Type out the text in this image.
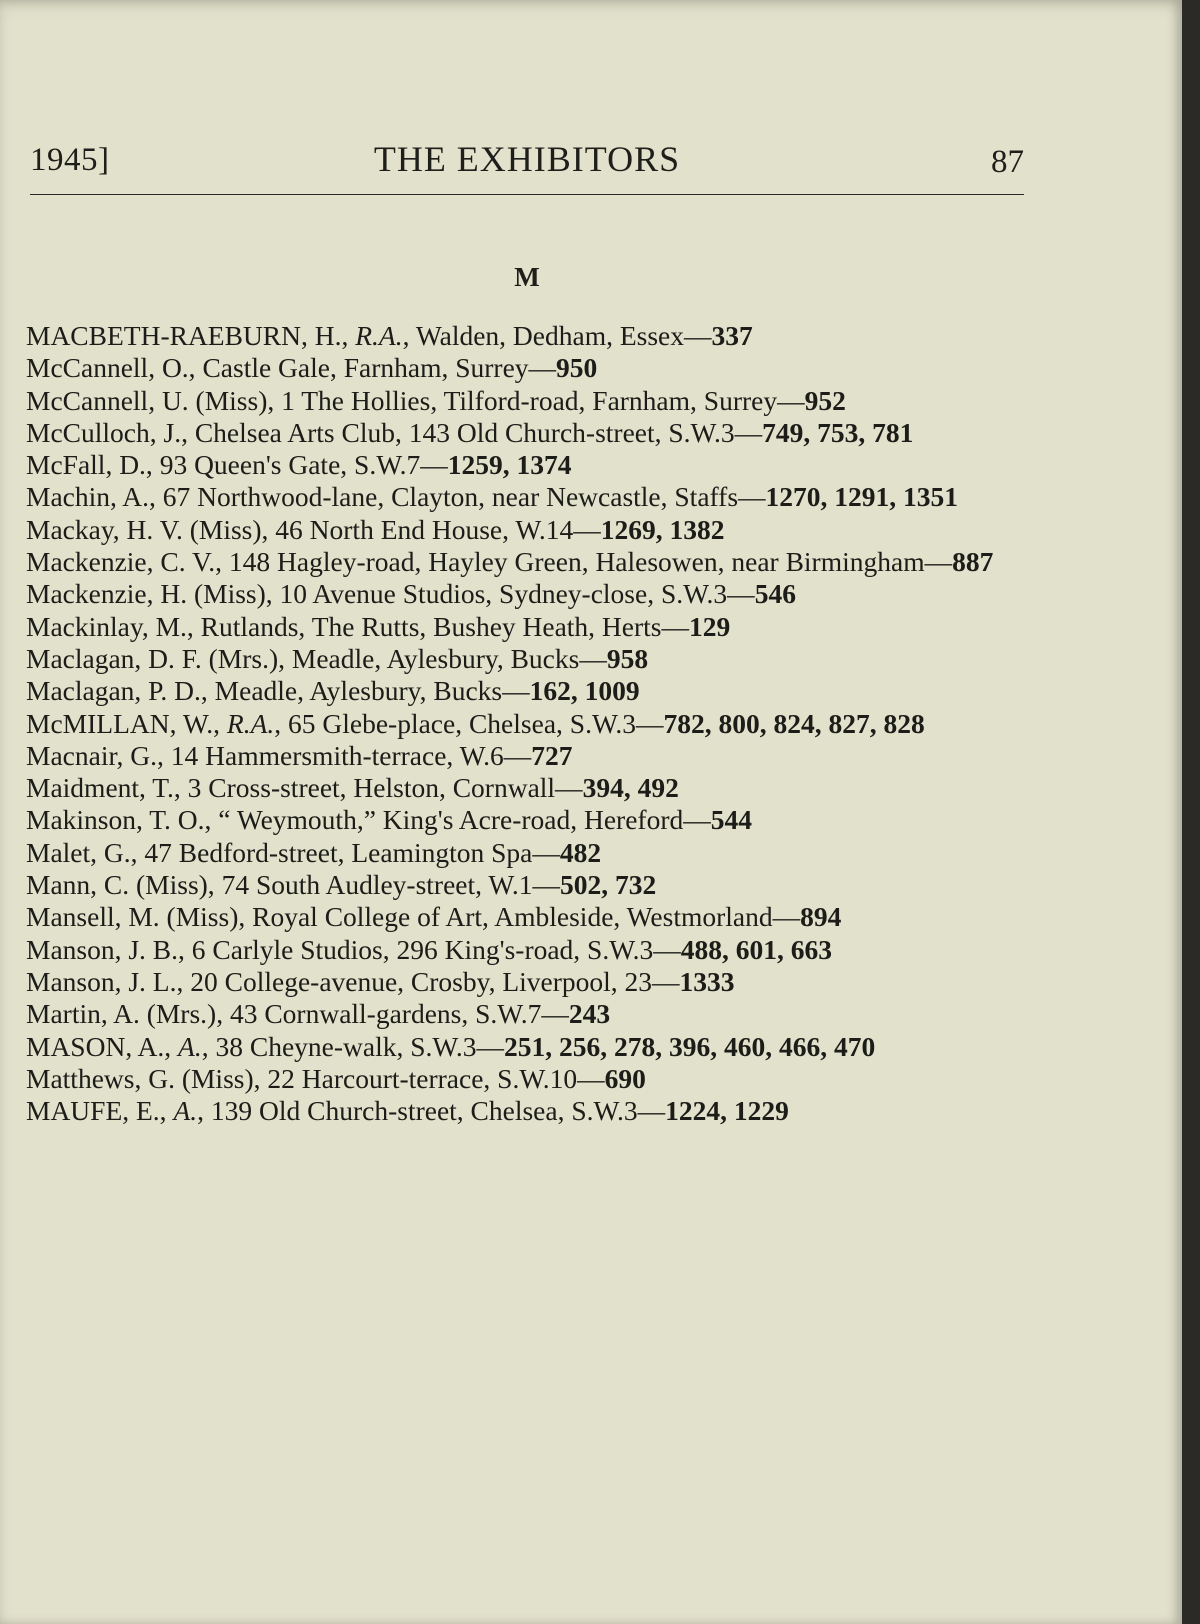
1945]	THE EXHIBITORS	87
M
MACBETH-RAEBURN, H., R.A., Walden, Dedham, Essex—337
McCannell, O., Castle Gale, Farnham, Surrey—950
McCannell, U. (Miss), 1 The Hollies, Tilford-road, Farnham, Surrey—952
McCulloch, J., Chelsea Arts Club, 143 Old Church-street, S.W.3—749, 753, 781
McFall, D., 93 Queen's Gate, S.W.7—1259, 1374
Machin, A., 67 Northwood-lane, Clayton, near Newcastle, Staffs—1270, 1291, 1351
Mackay, H. V. (Miss), 46 North End House, W.14—1269, 1382
Mackenzie, C. V., 148 Hagley-road, Hayley Green, Halesowen, near Birmingham—887
Mackenzie, H. (Miss), 10 Avenue Studios, Sydney-close, S.W.3—546
Mackinlay, M., Rutlands, The Rutts, Bushey Heath, Herts—129
Maclagan, D. F. (Mrs.), Meadle, Aylesbury, Bucks—958
Maclagan, P. D., Meadle, Aylesbury, Bucks—162, 1009
McMILLAN, W., R.A., 65 Glebe-place, Chelsea, S.W.3—782, 800, 824, 827, 828
Macnair, G., 14 Hammersmith-terrace, W.6—727
Maidment, T., 3 Cross-street, Helston, Cornwall—394, 492
Makinson, T. O., “ Weymouth,” King's Acre-road, Hereford—544
Malet, G., 47 Bedford-street, Leamington Spa—482
Mann, C. (Miss), 74 South Audley-street, W.1—502, 732
Mansell, M. (Miss), Royal College of Art, Ambleside, Westmorland—894
Manson, J. B., 6 Carlyle Studios, 296 King's-road, S.W.3—488, 601, 663
Manson, J. L., 20 College-avenue, Crosby, Liverpool, 23—1333
Martin, A. (Mrs.), 43 Cornwall-gardens, S.W.7—243
MASON, A., A., 38 Cheyne-walk, S.W.3—251, 256, 278, 396, 460, 466, 470
Matthews, G. (Miss), 22 Harcourt-terrace, S.W.10—690
MAUFE, E., A., 139 Old Church-street, Chelsea, S.W.3—1224, 1229
